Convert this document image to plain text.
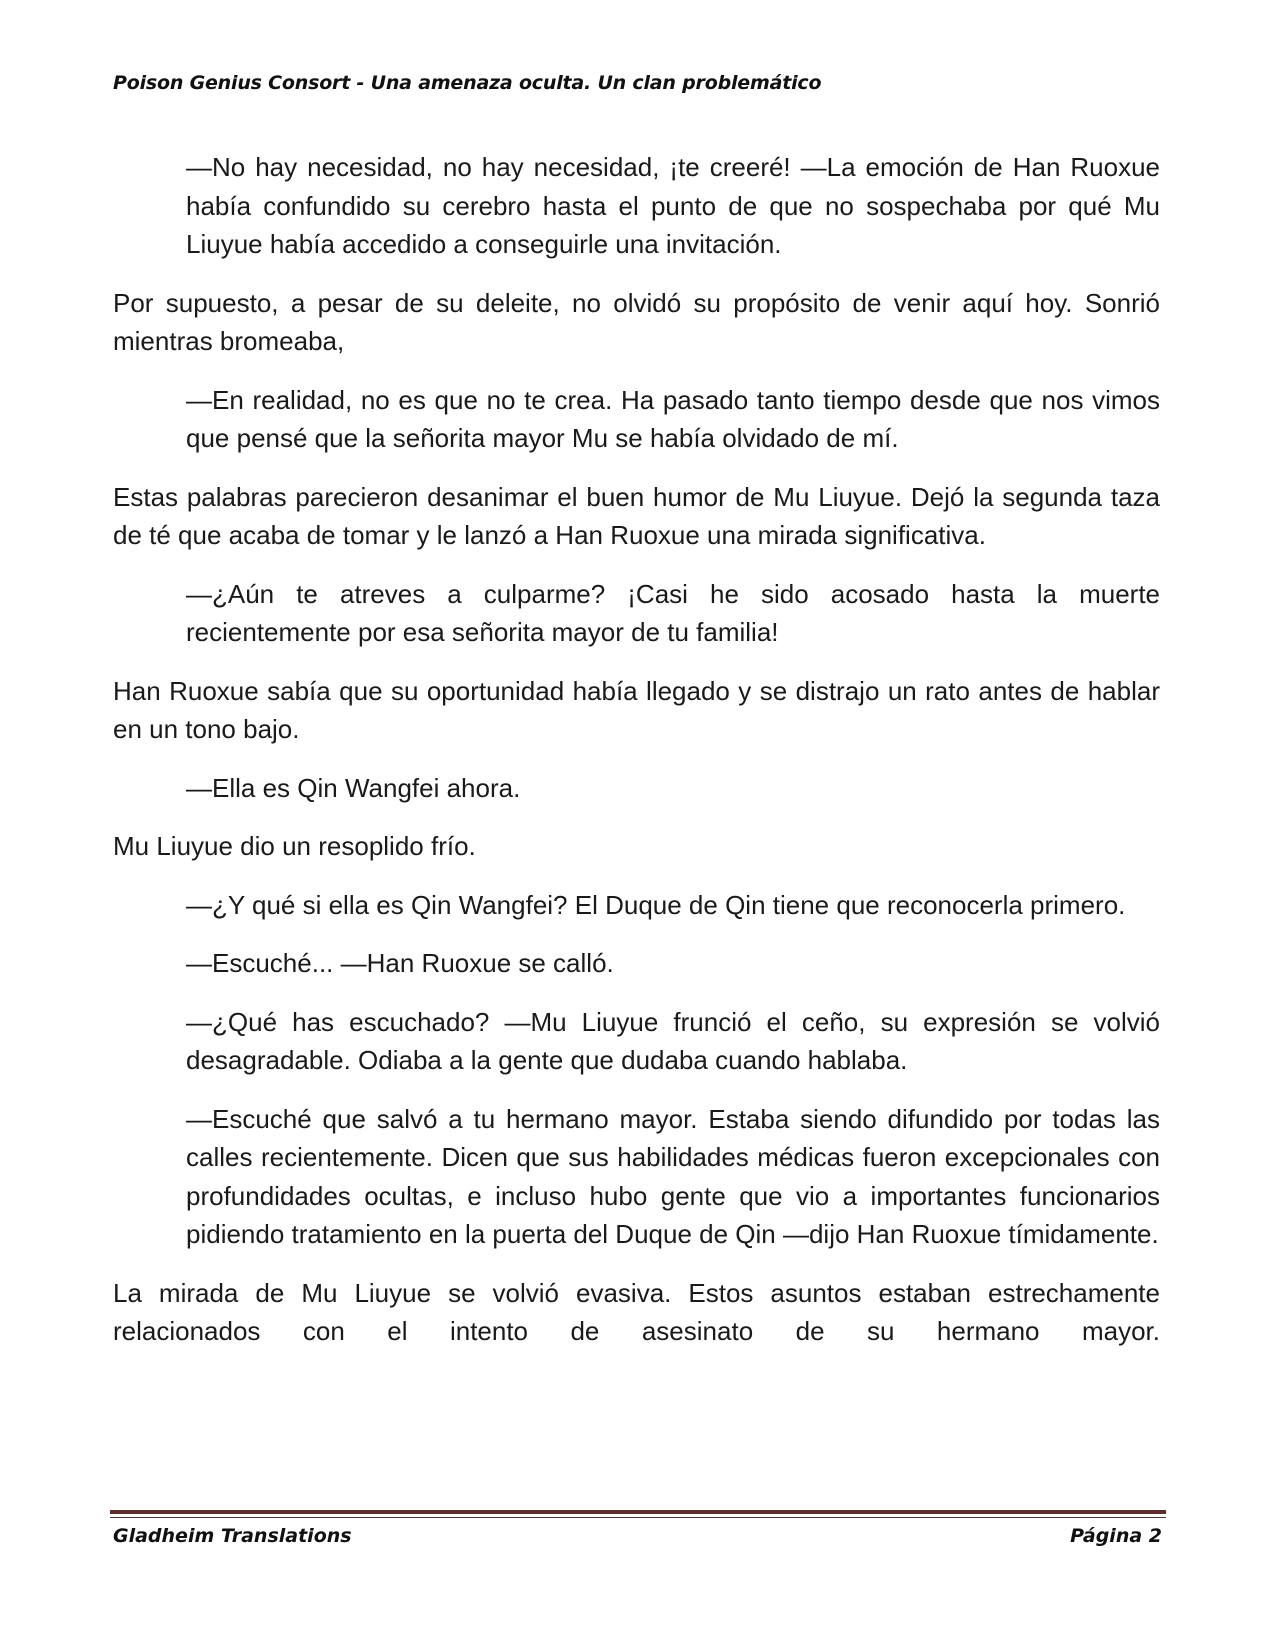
Poison Genius Consort - Una amenaza oculta. Un clan problemático

—No hay necesidad, no hay necesidad, ¡te creeré! —La emoción de Han Ruoxue había confundido su cerebro hasta el punto de que no sospechaba por qué Mu Liuyue había accedido a conseguirle una invitación.

Por supuesto, a pesar de su deleite, no olvidó su propósito de venir aquí hoy. Sonrió mientras bromeaba,

—En realidad, no es que no te crea. Ha pasado tanto tiempo desde que nos vimos que pensé que la señorita mayor Mu se había olvidado de mí.

Estas palabras parecieron desanimar el buen humor de Mu Liuyue. Dejó la segunda taza de té que acaba de tomar y le lanzó a Han Ruoxue una mirada significativa.

—¿Aún te atreves a culparme? ¡Casi he sido acosado hasta la muerte recientemente por esa señorita mayor de tu familia!

Han Ruoxue sabía que su oportunidad había llegado y se distrajo un rato antes de hablar en un tono bajo.

—Ella es Qin Wangfei ahora.

Mu Liuyue dio un resoplido frío.

—¿Y qué si ella es Qin Wangfei? El Duque de Qin tiene que reconocerla primero.

—Escuché... —Han Ruoxue se calló.

—¿Qué has escuchado? —Mu Liuyue frunció el ceño, su expresión se volvió desagradable. Odiaba a la gente que dudaba cuando hablaba.

—Escuché que salvó a tu hermano mayor. Estaba siendo difundido por todas las calles recientemente. Dicen que sus habilidades médicas fueron excepcionales con profundidades ocultas, e incluso hubo gente que vio a importantes funcionarios pidiendo tratamiento en la puerta del Duque de Qin —dijo Han Ruoxue tímidamente.

La mirada de Mu Liuyue se volvió evasiva. Estos asuntos estaban estrechamente relacionados con el intento de asesinato de su hermano mayor.

Gladheim Translations	Página 2
